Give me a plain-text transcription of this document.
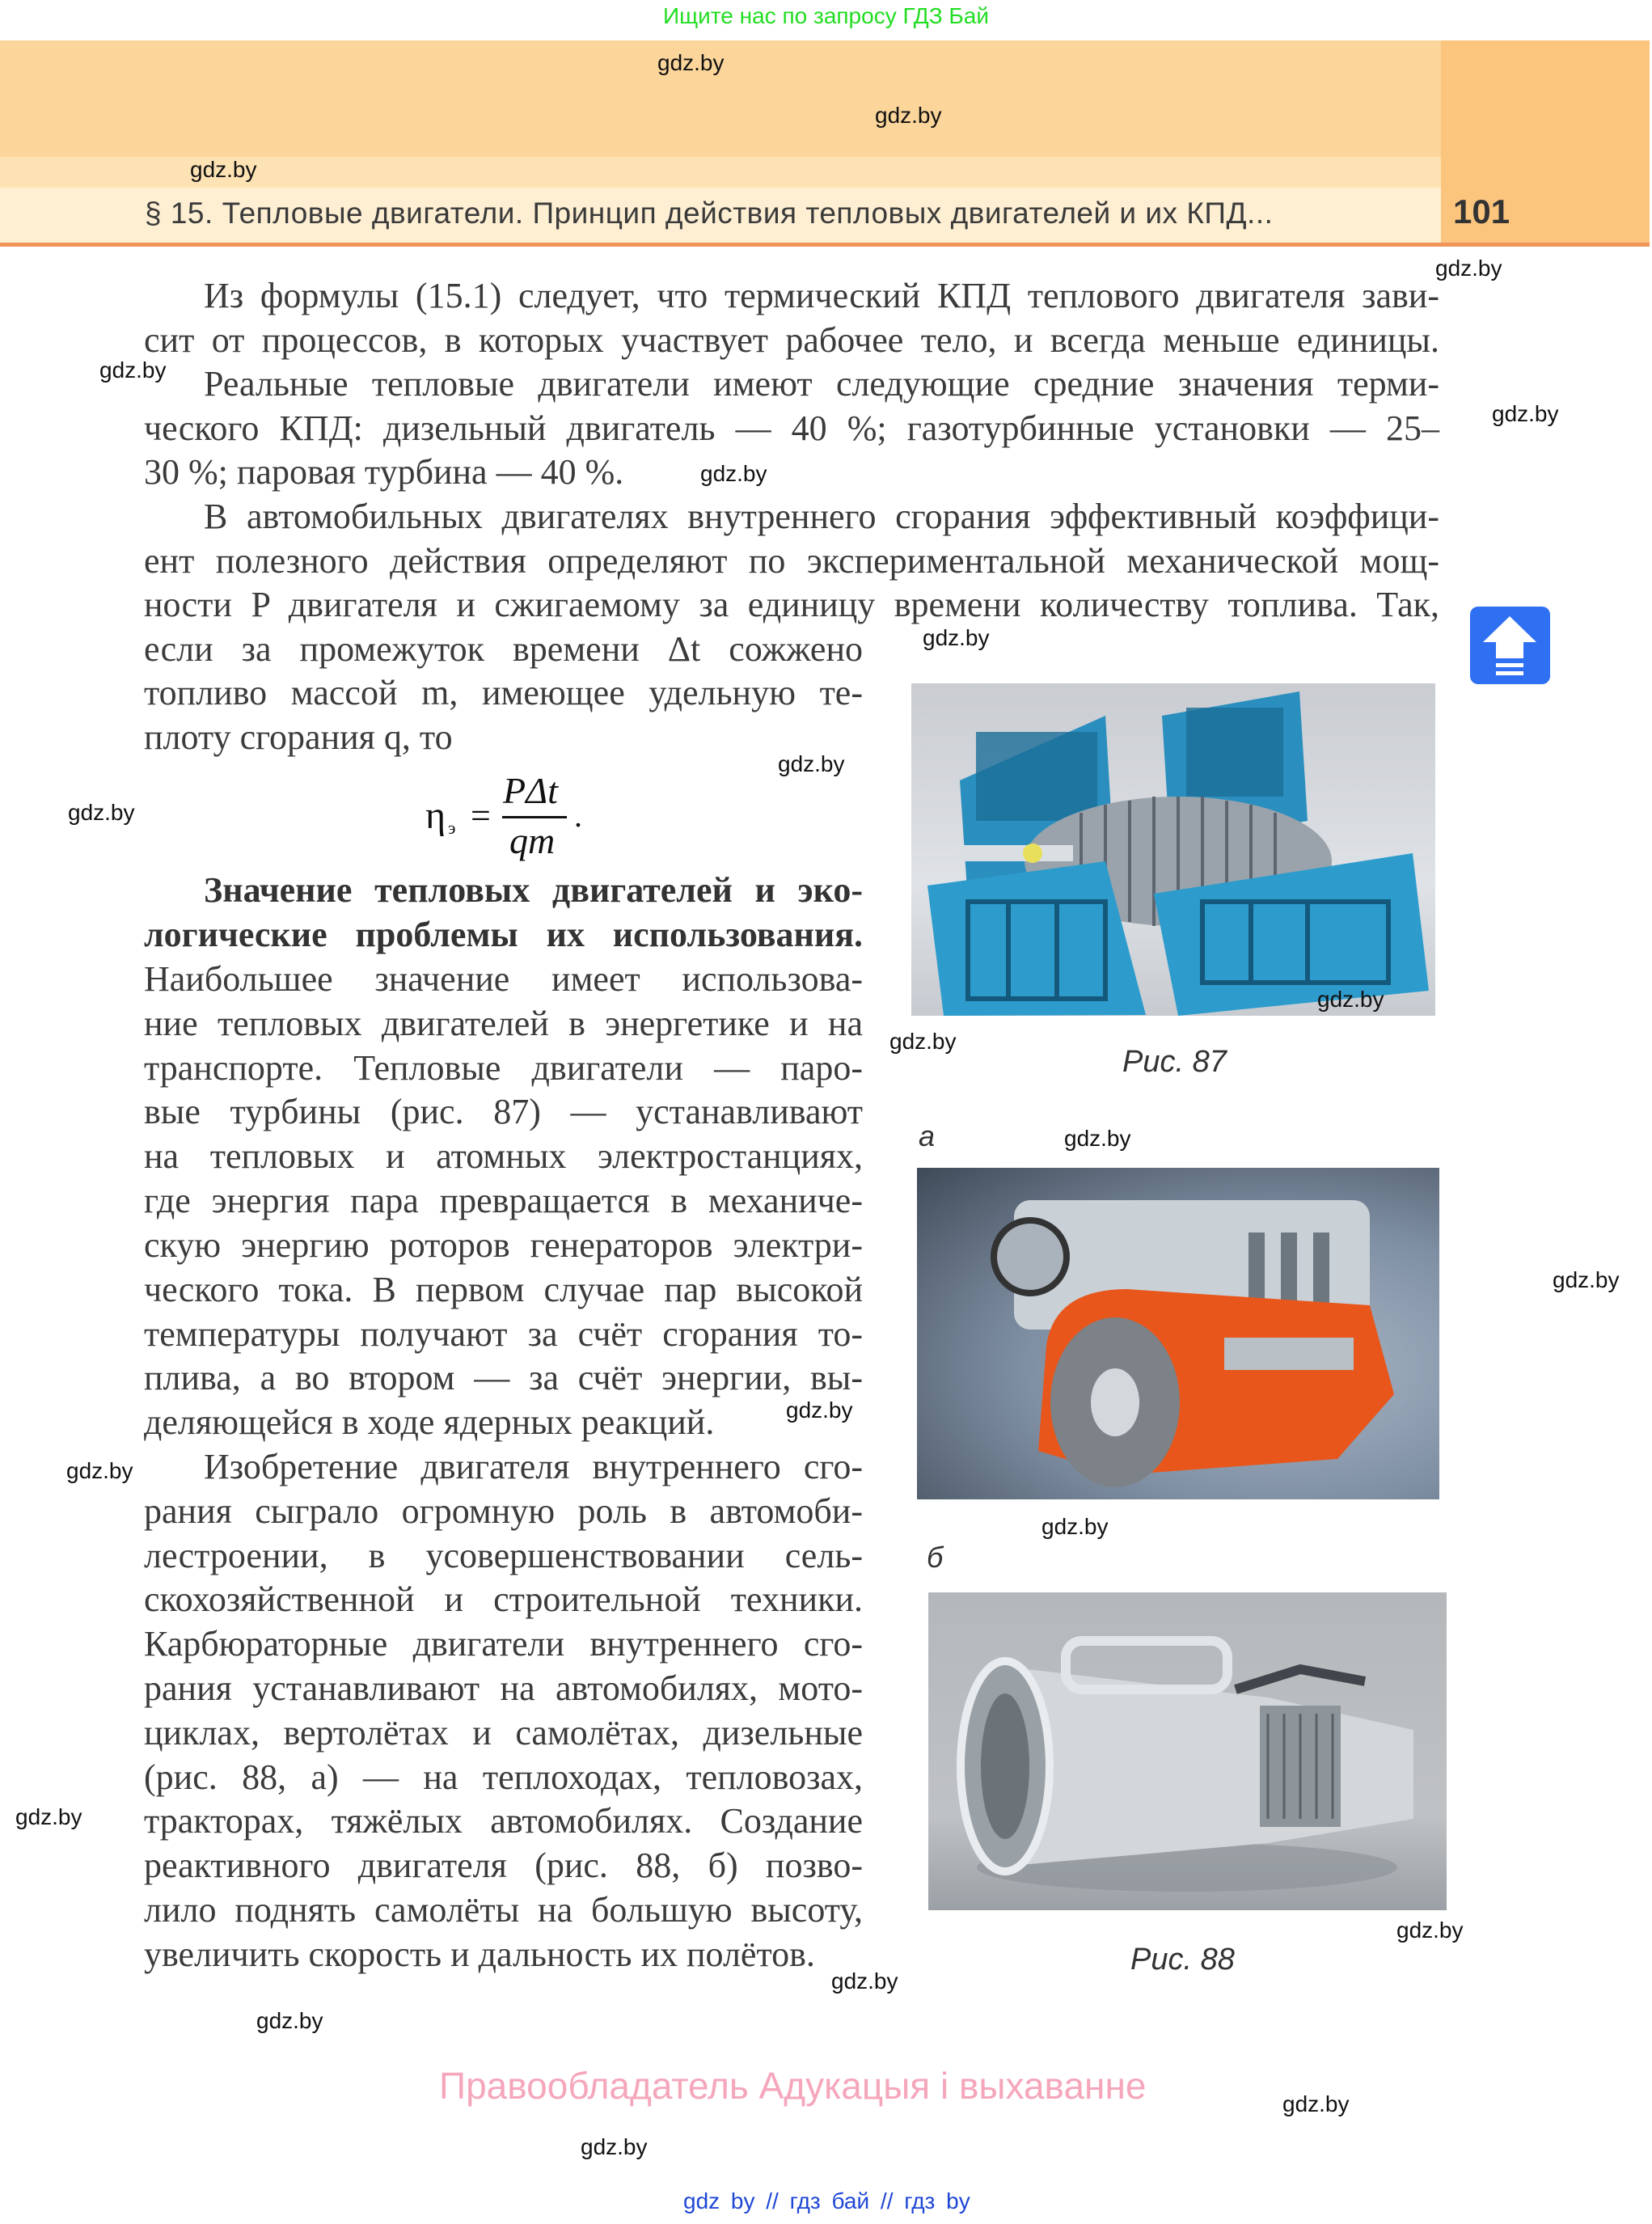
Ищите нас по запросу ГДЗ Бай
§ 15. Тепловые двигатели. Принцип действия тепловых двигателей и их КПД...	101
Из формулы (15.1) следует, что термический КПД теплового двигателя зави-
сит от процессов, в которых участвует рабочее тело, и всегда меньше единицы.
Реальные тепловые двигатели имеют следующие средние значения терми-
ческого КПД: дизельный двигатель — 40 %; газотурбинные установки — 25–
30 %; паровая турбина — 40 %.
В автомобильных двигателях внутреннего сгорания эффективный коэффици-
ент полезного действия определяют по экспериментальной механической мощ-
ности P двигателя и сжигаемому за единицу времени количеству топлива. Так,
если за промежуток времени Δt сожжено
топливо массой m, имеющее удельную те-
плоту сгорания q, то
Значение тепловых двигателей и эко-
логические проблемы их использования.
Наибольшее значение имеет использова-
ние тепловых двигателей в энергетике и на
транспорте. Тепловые двигатели — паро-
вые турбины (рис. 87) — устанавливают
на тепловых и атомных электростанциях,
где энергия пара превращается в механиче-
скую энергию роторов генераторов электри-
ческого тока. В первом случае пар высокой
температуры получают за счёт сгорания то-
плива, а во втором — за счёт энергии, вы-
деляющейся в ходе ядерных реакций.
Изобретение двигателя внутреннего сго-
рания сыграло огромную роль в автомоби-
лестроении, в усовершенствовании сель-
скохозяйственной и строительной техники.
Карбюраторные двигатели внутреннего сго-
рания устанавливают на автомобилях, мото-
циклах, вертолётах и самолётах, дизельные
(рис. 88, а) — на теплоходах, тепловозах,
тракторах, тяжёлых автомобилях. Создание
реактивного двигателя (рис. 88, б) позво-
лило поднять самолёты на большую высоту,
увеличить скорость и дальность их полётов.
η э =
PΔt
qm
.
Рис. 87
а
б
Рис. 88
gdz.by
gdz.by
gdz.by
gdz.by
gdz.by
gdz.by
gdz.by
gdz.by
gdz.by
gdz.by
gdz.by
gdz.by
gdz.by
gdz.by
gdz.by
gdz.by
gdz.by
gdz.by
gdz.by
gdz.by
gdz.by
gdz.by
gdz.by
Правообладатель Адукацыя і выхаванне
gdz by // гдз бай // гдз by
